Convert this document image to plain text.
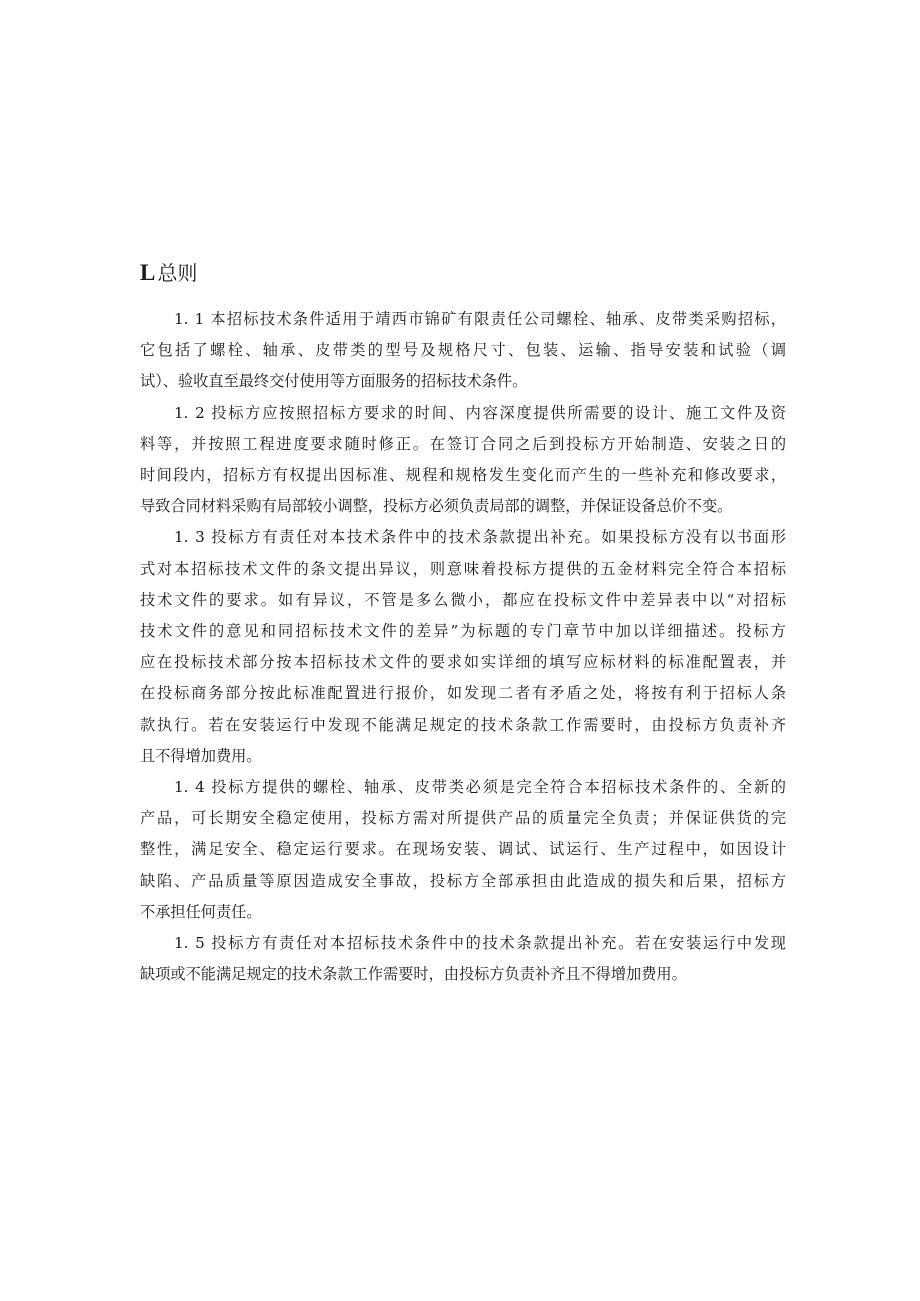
L 总则
1. 1 本招标技术条件适用于靖西市锦矿有限责任公司螺栓、轴承、皮带类采购招标，
它包括了螺栓、轴承、皮带类的型号及规格尺寸、包装、运输、指导安装和试验（调
试）、验收直至最终交付使用等方面服务的招标技术条件。
1. 2 投标方应按照招标方要求的时间、内容深度提供所需要的设计、施工文件及资
料等，并按照工程进度要求随时修正。在签订合同之后到投标方开始制造、安装之日的
时间段内，招标方有权提出因标准、规程和规格发生变化而产生的一些补充和修改要求，
导致合同材料采购有局部较小调整，投标方必须负责局部的调整，并保证设备总价不变。
1. 3 投标方有责任对本技术条件中的技术条款提出补充。如果投标方没有以书面形
式对本招标技术文件的条文提出异议，则意味着投标方提供的五金材料完全符合本招标
技术文件的要求。如有异议，不管是多么微小，都应在投标文件中差异表中以“对招标
技术文件的意见和同招标技术文件的差异”为标题的专门章节中加以详细描述。投标方
应在投标技术部分按本招标技术文件的要求如实详细的填写应标材料的标准配置表，并
在投标商务部分按此标准配置进行报价，如发现二者有矛盾之处，将按有利于招标人条
款执行。若在安装运行中发现不能满足规定的技术条款工作需要时，由投标方负责补齐
且不得增加费用。
1. 4 投标方提供的螺栓、轴承、皮带类必须是完全符合本招标技术条件的、全新的
产品，可长期安全稳定使用，投标方需对所提供产品的质量完全负责；并保证供货的完
整性，满足安全、稳定运行要求。在现场安装、调试、试运行、生产过程中，如因设计
缺陷、产品质量等原因造成安全事故，投标方全部承担由此造成的损失和后果，招标方
不承担任何责任。
1. 5 投标方有责任对本招标技术条件中的技术条款提出补充。若在安装运行中发现
缺项或不能满足规定的技术条款工作需要时，由投标方负责补齐且不得增加费用。
